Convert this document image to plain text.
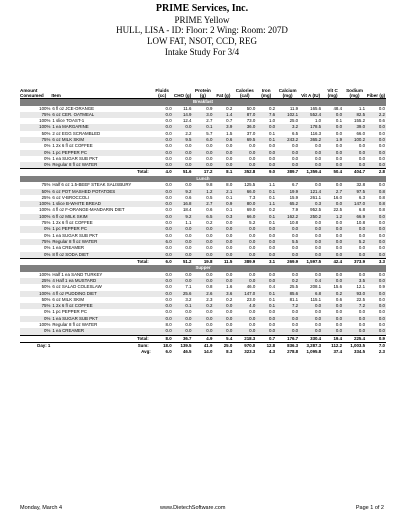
PRIME Services, Inc.
PRIME Yellow
HULL, LISA - ID: Floor: 2 Wing: Room: 207D
LOW FAT, NSOT, CCD, REG
Intake Study For 3/4
Amount Consumed	Item	Fluids (cc)	CHO (g)	Protein (g)	Fat (g)	Calories (cal)	Iron (mg)	Calcium (mg)	Vit A (IU)	Vit C (mg)	Sodium (mg)	Fiber (g)
Breakfast												
100%	6 fl oz JCE-ORANGE	0.0	11.6	0.9	0.2	50.0	0.2	11.9	165.6	48.4	1.1	0.0
75%	6 oz CER. OATMEAL	0.0	14.9	3.0	1.4	87.0	7.6	102.1	552.4	0.0	82.5	2.2
100%	1 slice TOAST-1	0.0	12.4	2.7	0.7	73.0	1.0	25.0	1.0	0.1	155.2	0.6
100%	1 ea MARGARINE	0.0	0.0	0.1	3.9	36.0	0.0	3.2	178.5	0.0	39.0	0.0
50%	2 oz EGG SCRAMBLED	0.0	2.2	5.7	1.5	37.0	0.1	6.5	116.3	0.0	66.0	0.0
75%	6 oz MILK SKIM	0.0	9.5	6.0	0.6	69.5	0.1	243.2	365.2	1.9	100.2	0.0
0%	1 2x 6 fl oz COFFEE	0.0	0.0	0.0	0.0	0.0	0.0	0.0	0.0	0.0	0.0	0.0
0%	1 pc PEPPER PC	0.0	0.0	0.0	0.0	0.0	0.0	0.0	0.0	0.0	0.0	0.0
0%	1 ea SUGAR SUB PKT	0.0	0.0	0.0	0.0	0.0	0.0	0.0	0.0	0.0	0.0	0.0
0%	Regular 8 fl oz WATER	0.0	0.0	0.0	0.0	0.0	0.0	0.0	0.0	0.0	0.0	0.0
Total:		4.0	51.6	17.2	8.1	352.8	9.0	389.7	1,359.4	50.4	404.7	2.8
Lunch												
75%	Half 6 oz 1.5-BEEF STEAK SALISBURY	0.0	0.0	9.8	8.0	125.5	1.1	6.7	0.0	0.0	32.8	0.0
50%	6 oz POT MASHED POTATOES	0.0	9.2	1.2	2.1	66.0	0.1	19.9	121.4	2.7	97.5	0.8
25%	6 oz V-BROCCOLI	0.0	0.6	0.5	0.1	7.3	0.1	15.9	261.1	16.0	6.3	0.8
100%	1 slice B-WHITE BREAD	0.0	16.8	2.7	0.9	80.0	1.1	65.2	0.3	0.0	147.0	0.8
100%	4 fl oz F-ORANGE-MANDARIN DIET	0.0	18.4	0.6	0.1	69.0	0.2	7.9	952.5	22.5	6.8	0.8
100%	6 fl oz MILK SKIM	0.0	9.2	6.5	0.3	66.0	0.1	162.2	250.2	1.2	66.9	0.0
75%	1 2x 6 fl oz COFFEE	0.0	1.1	0.2	0.0	5.2	0.1	10.8	0.0	0.0	10.8	0.0
0%	1 pc PEPPER PC	0.0	0.0	0.0	0.0	0.0	0.0	0.0	0.0	0.0	0.0	0.0
0%	1 ea SUGAR SUB PKT	0.0	0.0	0.0	0.0	0.0	0.0	0.0	0.0	0.0	0.0	0.0
75%	Regular 8 fl oz WATER	6.0	0.0	0.0	0.0	0.0	0.0	5.5	0.0	0.0	5.2	0.0
0%	1 ea CREAMER	0.0	0.0	0.0	0.0	0.0	0.0	0.0	0.0	0.0	0.0	0.0
0%	8 fl oz SODA DIET	0.0	0.0	0.0	0.0	0.0	0.0	0.0	0.0	0.0	0.0	0.0
Total:		6.0	51.2	19.8	11.5	389.9	3.1	269.9	1,597.5	42.4	373.9	3.3
Supper												
100%	Half 1 ea SAND TURKEY	0.0	0.0	0.0	0.0	0.0	0.0	0.0	0.0	0.0	0.0	0.0
25%	4 Half 1 ea MUSTARD	0.0	0.0	0.0	0.0	0.0	0.0	0.2	0.4	0.0	3.5	0.0
50%	6 oz SALAD COLESLAW	0.0	7.1	0.8	1.6	46.0	0.4	25.5	208.1	15.6	12.1	0.9
100%	4 fl oz PUDDING DIET	0.0	25.6	2.6	3.6	147.0	0.1	85.6	6.8	0.2	93.0	0.0
50%	6 oz MILK SKIM	0.0	3.2	2.3	0.2	23.0	0.1	81.1	115.1	0.6	22.5	0.0
75%	1 2x 6 fl oz COFFEE	0.0	0.1	0.2	0.0	4.0	0.1	7.2	0.0	0.0	7.2	0.0
0%	1 pc PEPPER PC	0.0	0.0	0.0	0.0	0.0	0.0	0.0	0.0	0.0	0.0	0.0
0%	1 ea SUGAR SUB PKT	0.0	0.0	0.0	0.0	0.0	0.0	0.0	0.0	0.0	0.0	0.0
100%	Regular 8 fl oz WATER	8.0	0.0	0.0	0.0	0.0	0.0	0.0	0.0	0.0	0.0	0.0
0%	1 ea CREAMER	0.0	0.0	0.0	0.0	0.0	0.0	0.0	0.0	0.0	0.0	0.0
Total:		8.0	36.7	4.9	5.4	218.3	0.7	176.7	330.4	19.4	225.4	0.9
Day: 1	Sum:	18.0	139.5	41.9	25.0	970.0	12.8	836.3	3,287.3	112.2	1,003.5	7.0
	Avg:	6.0	46.5	14.0	8.3	323.3	4.3	278.8	1,095.8	37.4	334.5	2.3
Monday, March 4	www.DietechSoftware.com	Page 1 of 2
